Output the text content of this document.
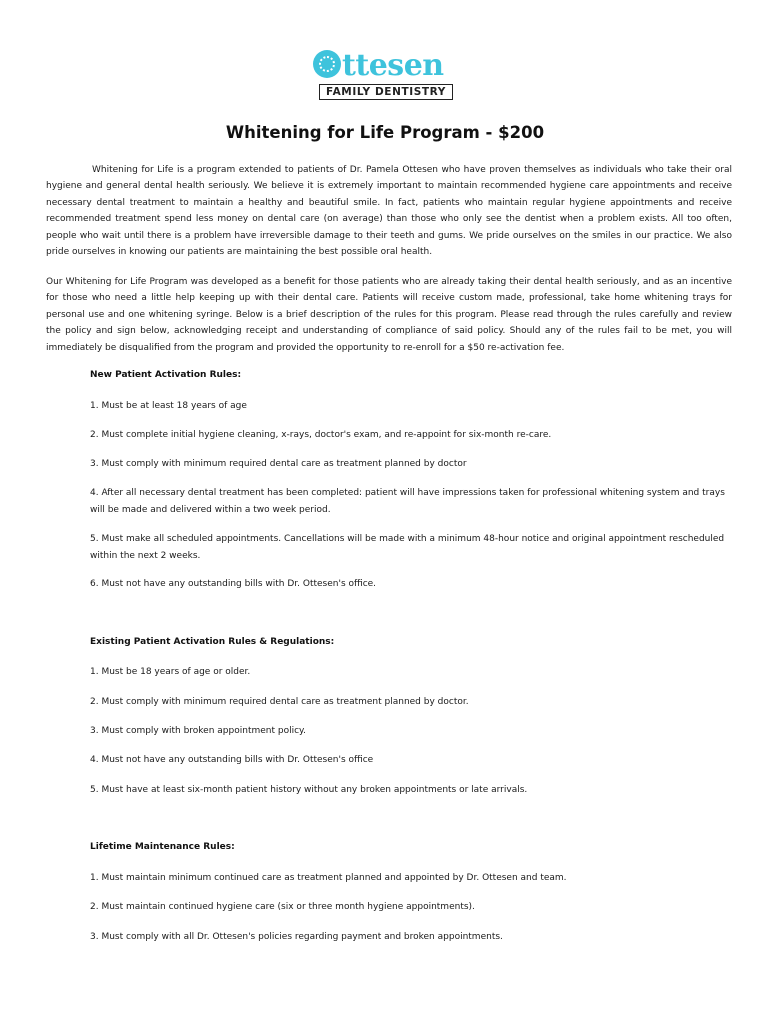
ttesen
FAMILY DENTISTRY
Whitening for Life Program - $200

Whitening for Life is a program extended to patients of Dr. Pamela Ottesen who have proven themselves as individuals who take their oral hygiene and general dental health seriously. We believe it is extremely important to maintain recommended hygiene care appointments and receive necessary dental treatment to maintain a healthy and beautiful smile. In fact, patients who maintain regular hygiene appointments and receive recommended treatment spend less money on dental care (on average) than those who only see the dentist when a problem exists. All too often, people who wait until there is a problem have irreversible damage to their teeth and gums. We pride ourselves on the smiles in our practice. We also pride ourselves in knowing our patients are maintaining the best possible oral health.

Our Whitening for Life Program was developed as a benefit for those patients who are already taking their dental health seriously, and as an incentive for those who need a little help keeping up with their dental care. Patients will receive custom made, professional, take home whitening trays for personal use and one whitening syringe. Below is a brief description of the rules for this program. Please read through the rules carefully and review the policy and sign below, acknowledging receipt and understanding of compliance of said policy. Should any of the rules fail to be met, you will immediately be disqualified from the program and provided the opportunity to re-enroll for a $50 re-activation fee.

New Patient Activation Rules:

1. Must be at least 18 years of age

2. Must complete initial hygiene cleaning, x-rays, doctor's exam, and re-appoint for six-month re-care.

3. Must comply with minimum required dental care as treatment planned by doctor

4. After all necessary dental treatment has been completed: patient will have impressions taken for professional whitening system and trays will be made and delivered within a two week period.

5. Must make all scheduled appointments. Cancellations will be made with a minimum 48-hour notice and original appointment rescheduled within the next 2 weeks.

6. Must not have any outstanding bills with Dr. Ottesen's office.

Existing Patient Activation Rules & Regulations:

1. Must be 18 years of age or older.

2. Must comply with minimum required dental care as treatment planned by doctor.

3. Must comply with broken appointment policy.

4. Must not have any outstanding bills with Dr. Ottesen's office

5. Must have at least six-month patient history without any broken appointments or late arrivals.

Lifetime Maintenance Rules:

1. Must maintain minimum continued care as treatment planned and appointed by Dr. Ottesen and team.

2. Must maintain continued hygiene care (six or three month hygiene appointments).

3. Must comply with all Dr. Ottesen's policies regarding payment and broken appointments.
